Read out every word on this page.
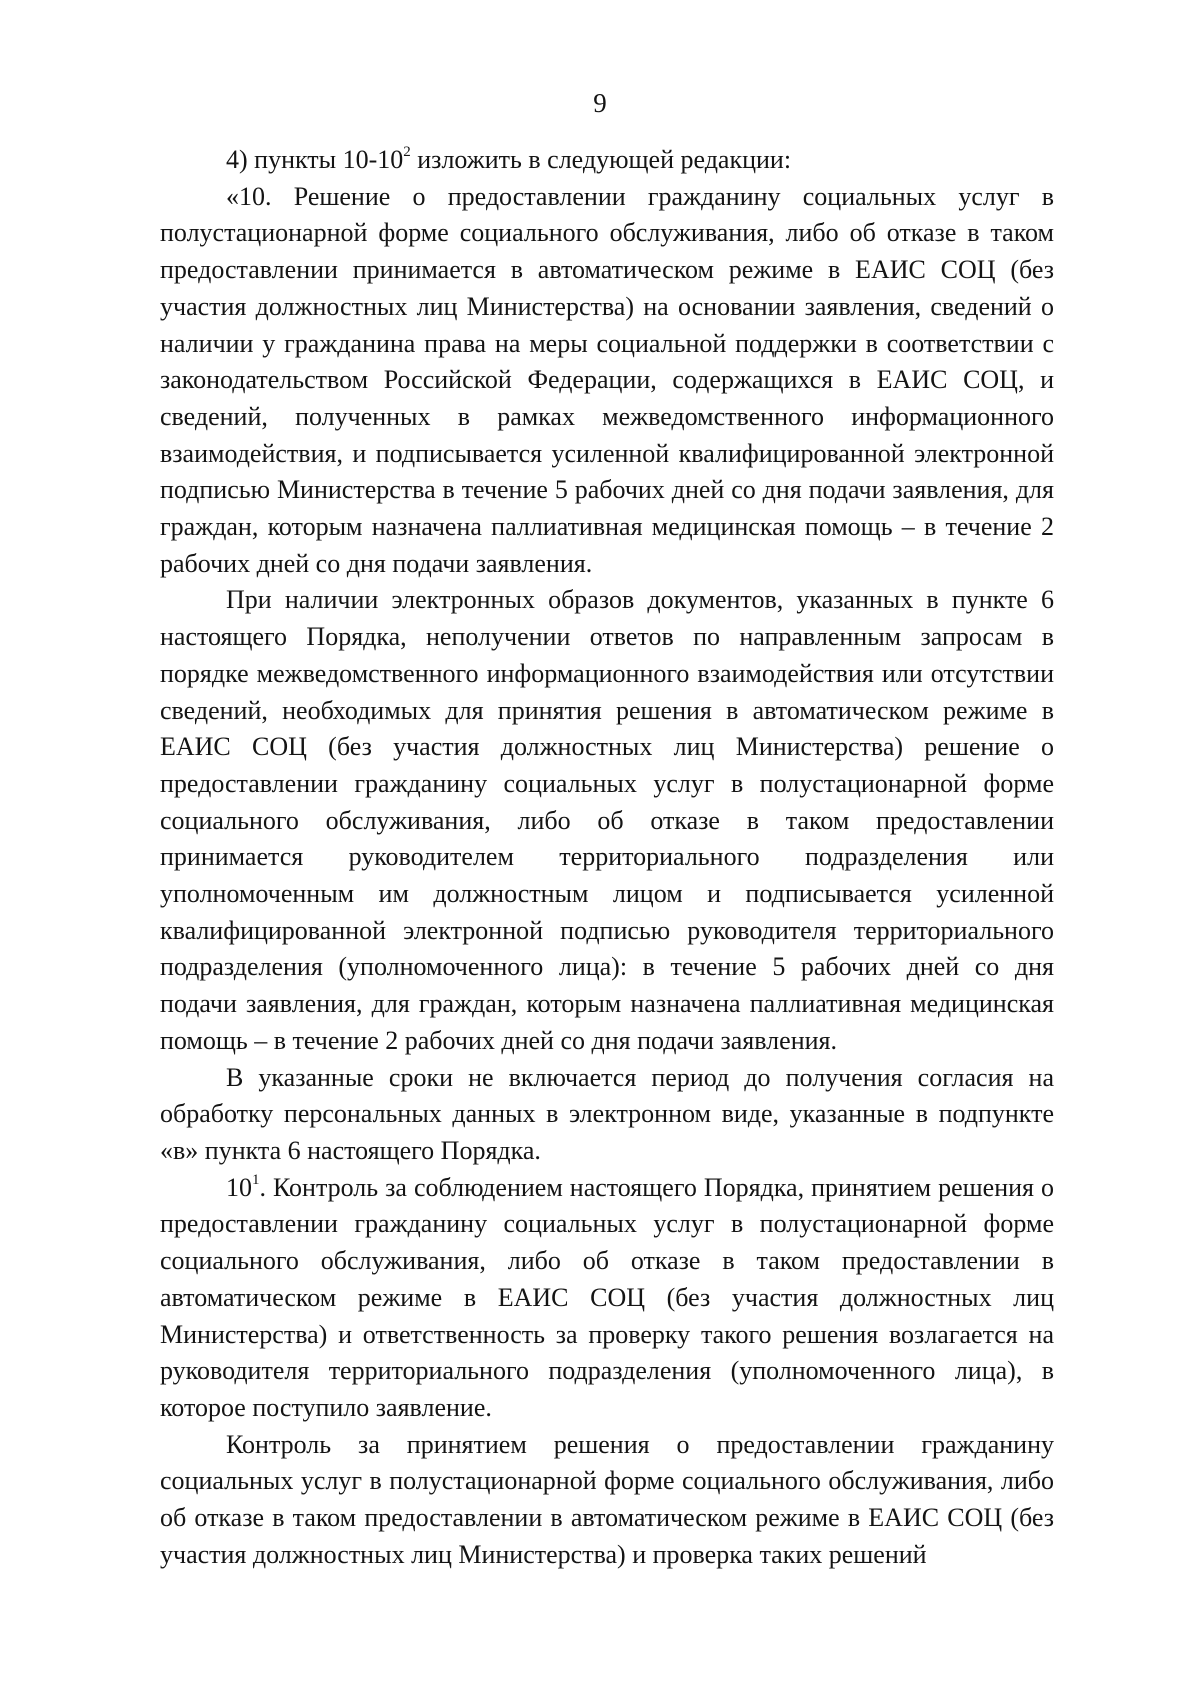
9

4) пункты $10-10^2$ изложить в следующей редакции:

«10. Решение о предоставлении гражданину социальных услуг в полустационарной форме социального обслуживания, либо об отказе в таком предоставлении принимается в автоматическом режиме в ЕАИС СОЦ (без участия должностных лиц Министерства) на основании заявления, сведений о наличии у гражданина права на меры социальной поддержки в соответствии с законодательством Российской Федерации, содержащихся в ЕАИС СОЦ, и сведений, полученных в рамках межведомственного информационного взаимодействия, и подписывается усиленной квалифицированной электронной подписью Министерства в течение 5 рабочих дней со дня подачи заявления, для граждан, которым назначена паллиативная медицинская помощь – в течение 2 рабочих дней со дня подачи заявления.

При наличии электронных образов документов, указанных в пункте 6 настоящего Порядка, неполучении ответов по направленным запросам в порядке межведомственного информационного взаимодействия или отсутствии сведений, необходимых для принятия решения в автоматическом режиме в ЕАИС СОЦ (без участия должностных лиц Министерства) решение о предоставлении гражданину социальных услуг в полустационарной форме социального обслуживания, либо об отказе в таком предоставлении принимается руководителем территориального подразделения или уполномоченным им должностным лицом и подписывается усиленной квалифицированной электронной подписью руководителя территориального подразделения (уполномоченного лица): в течение 5 рабочих дней со дня подачи заявления, для граждан, которым назначена паллиативная медицинская помощь – в течение 2 рабочих дней со дня подачи заявления.

В указанные сроки не включается период до получения согласия на обработку персональных данных в электронном виде, указанные в подпункте «в» пункта 6 настоящего Порядка.

$10^1$. Контроль за соблюдением настоящего Порядка, принятием решения о предоставлении гражданину социальных услуг в полустационарной форме социального обслуживания, либо об отказе в таком предоставлении в автоматическом режиме в ЕАИС СОЦ (без участия должностных лиц Министерства) и ответственность за проверку такого решения возлагается на руководителя территориального подразделения (уполномоченного лица), в которое поступило заявление.

Контроль за принятием решения о предоставлении гражданину социальных услуг в полустационарной форме социального обслуживания, либо об отказе в таком предоставлении в автоматическом режиме в ЕАИС СОЦ (без участия должностных лиц Министерства) и проверка таких решений
